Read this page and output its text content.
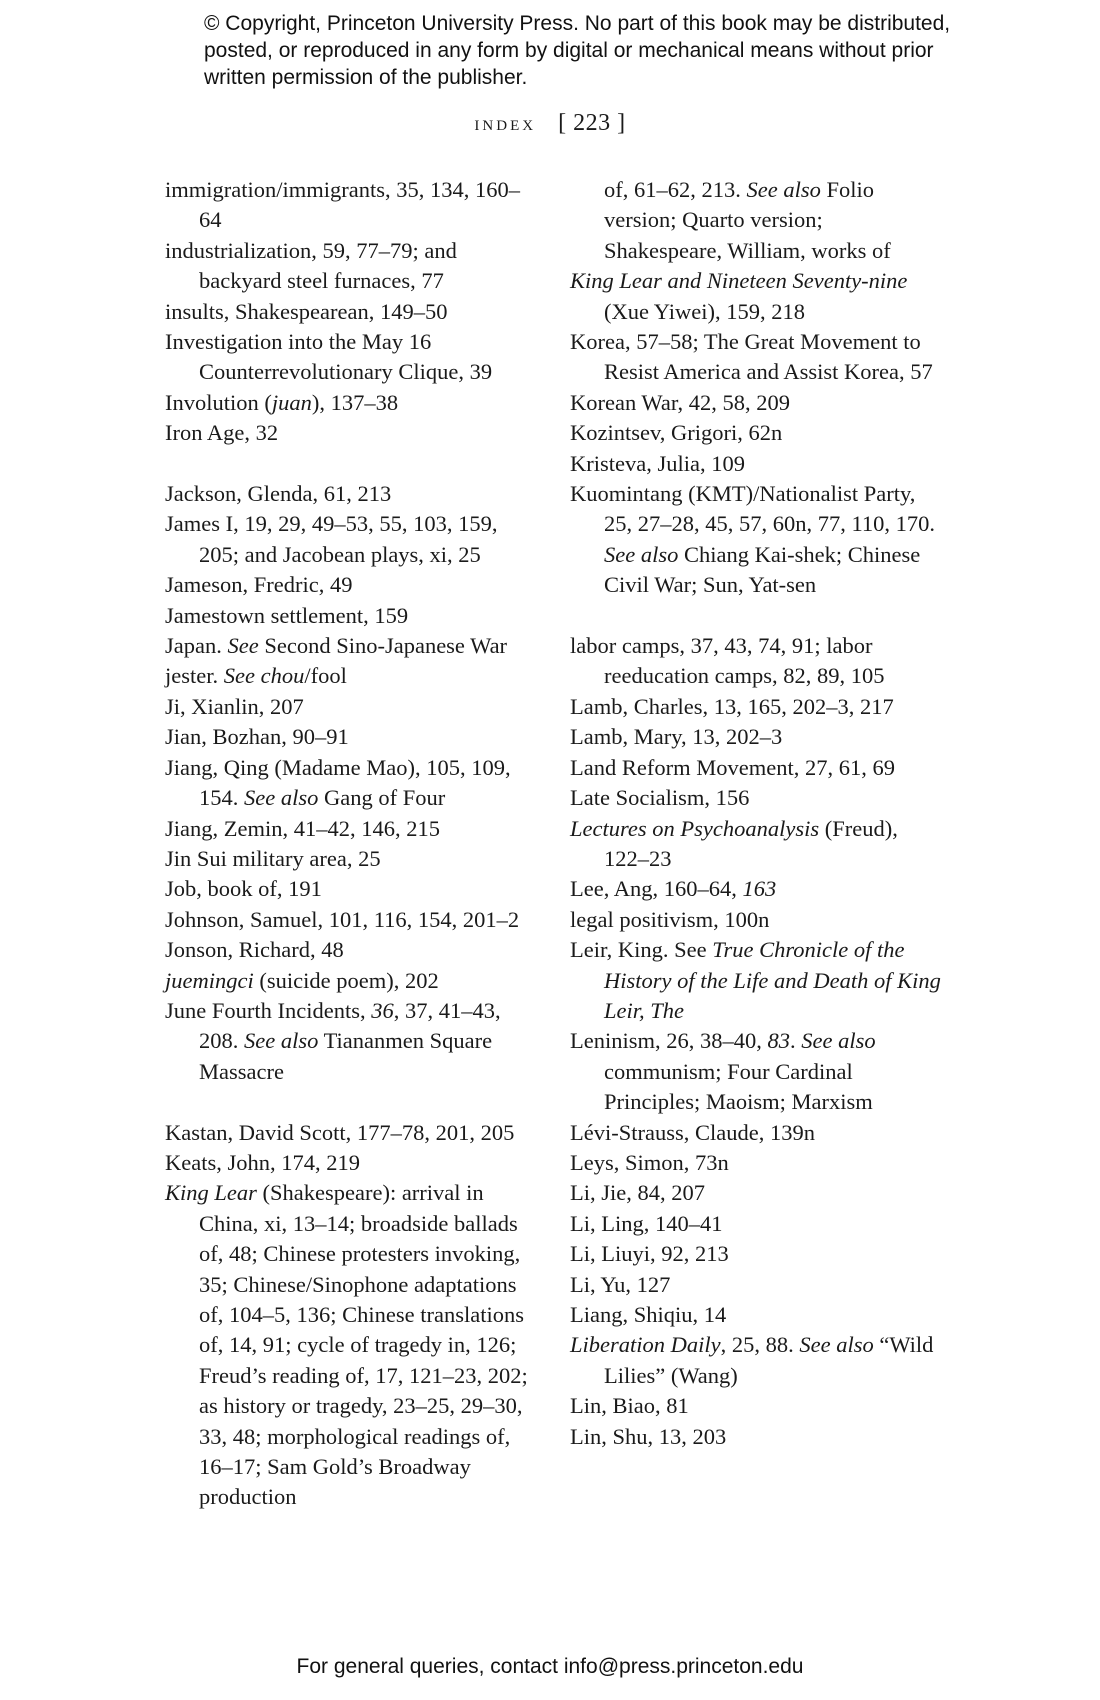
© Copyright, Princeton University Press. No part of this book may be distributed, posted, or reproduced in any form by digital or mechanical means without prior written permission of the publisher.
index [ 223 ]
immigration/immigrants, 35, 134, 160–64
industrialization, 59, 77–79; and backyard steel furnaces, 77
insults, Shakespearean, 149–50
Investigation into the May 16 Counterrevolutionary Clique, 39
Involution (juan), 137–38
Iron Age, 32
Jackson, Glenda, 61, 213
James I, 19, 29, 49–53, 55, 103, 159, 205; and Jacobean plays, xi, 25
Jameson, Fredric, 49
Jamestown settlement, 159
Japan. See Second Sino-Japanese War
jester. See chou/fool
Ji, Xianlin, 207
Jian, Bozhan, 90–91
Jiang, Qing (Madame Mao), 105, 109, 154. See also Gang of Four
Jiang, Zemin, 41–42, 146, 215
Jin Sui military area, 25
Job, book of, 191
Johnson, Samuel, 101, 116, 154, 201–2
Jonson, Richard, 48
juemingci (suicide poem), 202
June Fourth Incidents, 36, 37, 41–43, 208. See also Tiananmen Square Massacre
Kastan, David Scott, 177–78, 201, 205
Keats, John, 174, 219
King Lear (Shakespeare): arrival in China, xi, 13–14; broadside ballads of, 48; Chinese protesters invoking, 35; Chinese/Sinophone adaptations of, 104–5, 136; Chinese translations of, 14, 91; cycle of tragedy in, 126; Freud’s reading of, 17, 121–23, 202; as history or tragedy, 23–25, 29–30, 33, 48; morphological readings of, 16–17; Sam Gold’s Broadway production
of, 61–62, 213. See also Folio version; Quarto version; Shakespeare, William, works of
King Lear and Nineteen Seventy-nine (Xue Yiwei), 159, 218
Korea, 57–58; The Great Movement to Resist America and Assist Korea, 57
Korean War, 42, 58, 209
Kozintsev, Grigori, 62n
Kristeva, Julia, 109
Kuomintang (KMT)/Nationalist Party, 25, 27–28, 45, 57, 60n, 77, 110, 170. See also Chiang Kai-shek; Chinese Civil War; Sun, Yat-sen
labor camps, 37, 43, 74, 91; labor reeducation camps, 82, 89, 105
Lamb, Charles, 13, 165, 202–3, 217
Lamb, Mary, 13, 202–3
Land Reform Movement, 27, 61, 69
Late Socialism, 156
Lectures on Psychoanalysis (Freud), 122–23
Lee, Ang, 160–64, 163
legal positivism, 100n
Leir, King. See True Chronicle of the History of the Life and Death of King Leir, The
Leninism, 26, 38–40, 83. See also communism; Four Cardinal Principles; Maoism; Marxism
Lévi-Strauss, Claude, 139n
Leys, Simon, 73n
Li, Jie, 84, 207
Li, Ling, 140–41
Li, Liuyi, 92, 213
Li, Yu, 127
Liang, Shiqiu, 14
Liberation Daily, 25, 88. See also “Wild Lilies” (Wang)
Lin, Biao, 81
Lin, Shu, 13, 203
For general queries, contact info@press.princeton.edu
